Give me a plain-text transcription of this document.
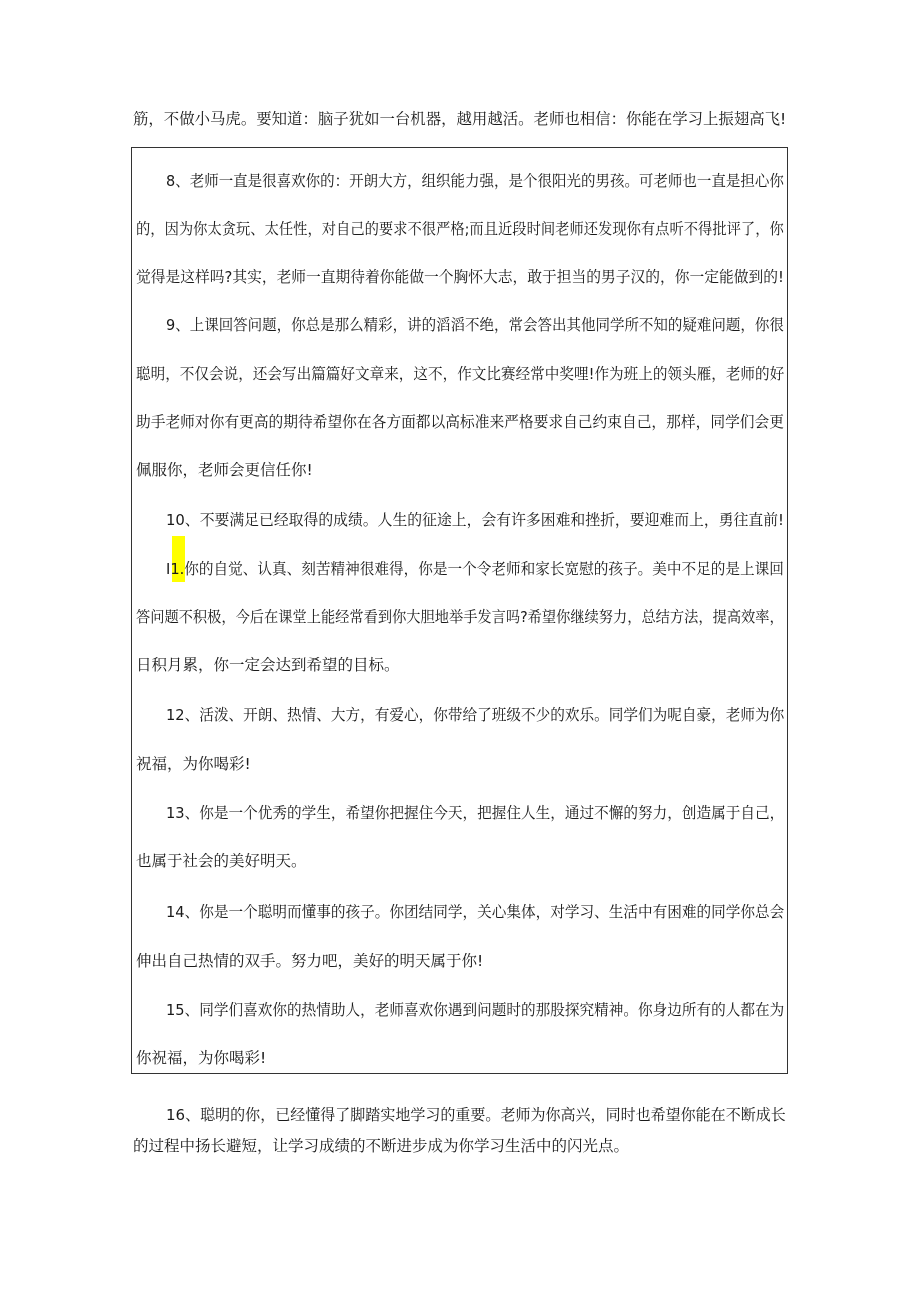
筋，不做小马虎。要知道：脑子犹如一台机器，越用越活。老师也相信：你能在学习上振翅高飞!
8、老师一直是很喜欢你的：开朗大方，组织能力强，是个很阳光的男孩。可老师也一直是担心你
的，因为你太贪玩、太任性，对自己的要求不很严格;而且近段时间老师还发现你有点听不得批评了，你
觉得是这样吗?其实，老师一直期待着你能做一个胸怀大志，敢于担当的男子汉的，你一定能做到的!
9、上课回答问题，你总是那么精彩，讲的滔滔不绝，常会答出其他同学所不知的疑难问题，你很
聪明，不仅会说，还会写出篇篇好文章来，这不，作文比赛经常中奖哩!作为班上的领头雁，老师的好
助手老师对你有更高的期待希望你在各方面都以高标准来严格要求自己约束自己，那样，同学们会更
佩服你，老师会更信任你!
10、不要满足已经取得的成绩。人生的征途上，会有许多困难和挫折，要迎难而上，勇往直前!
I1.你的自觉、认真、刻苦精神很难得，你是一个令老师和家长宽慰的孩子。美中不足的是上课回
答问题不积极，今后在课堂上能经常看到你大胆地举手发言吗?希望你继续努力，总结方法，提高效率，
日积月累，你一定会达到希望的目标。
12、活泼、开朗、热情、大方，有爱心，你带给了班级不少的欢乐。同学们为呢自豪，老师为你
祝福，为你喝彩!
13、你是一个优秀的学生，希望你把握住今天，把握住人生，通过不懈的努力，创造属于自己，
也属于社会的美好明天。
14、你是一个聪明而懂事的孩子。你团结同学，关心集体，对学习、生活中有困难的同学你总会
伸出自己热情的双手。努力吧，美好的明天属于你!
15、同学们喜欢你的热情助人，老师喜欢你遇到问题时的那股探究精神。你身边所有的人都在为
你祝福，为你喝彩!
16、聪明的你，已经懂得了脚踏实地学习的重要。老师为你高兴，同时也希望你能在不断成长
的过程中扬长避短，让学习成绩的不断进步成为你学习生活中的闪光点。
